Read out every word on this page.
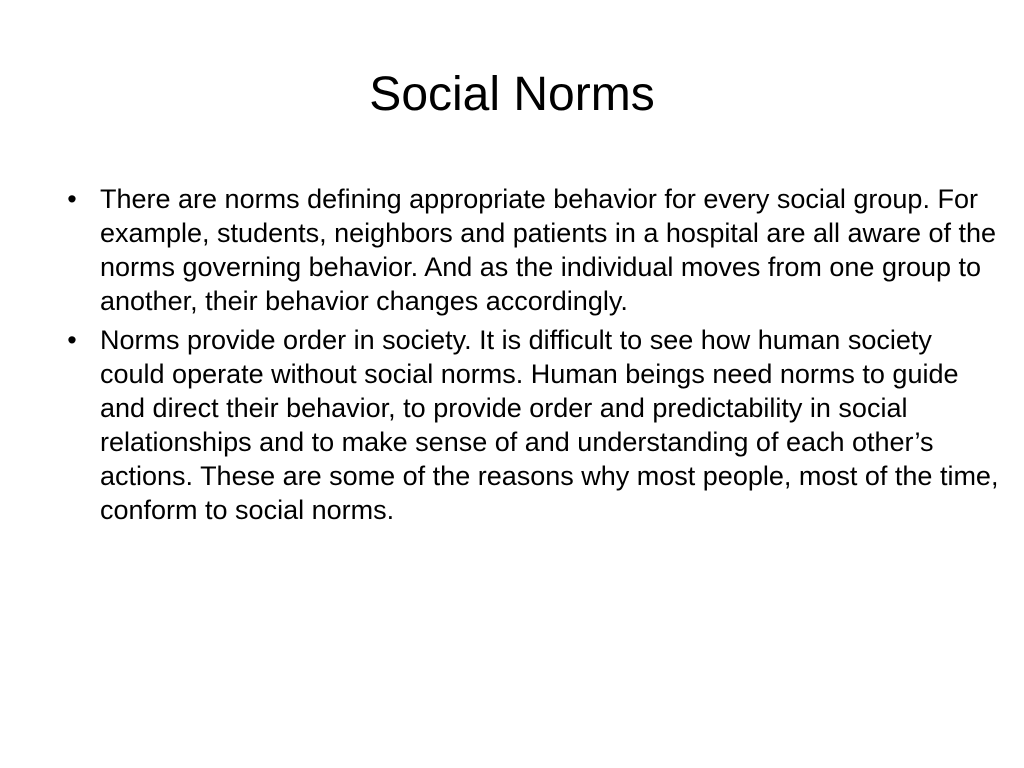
Social Norms
• There are norms defining appropriate behavior for every social group. For example, students, neighbors and patients in a hospital are all aware of the norms governing behavior. And as the individual moves from one group to another, their behavior changes accordingly.
• Norms provide order in society. It is difficult to see how human society could operate without social norms. Human beings need norms to guide and direct their behavior, to provide order and predictability in social relationships and to make sense of and understanding of each other’s actions. These are some of the reasons why most people, most of the time, conform to social norms.
